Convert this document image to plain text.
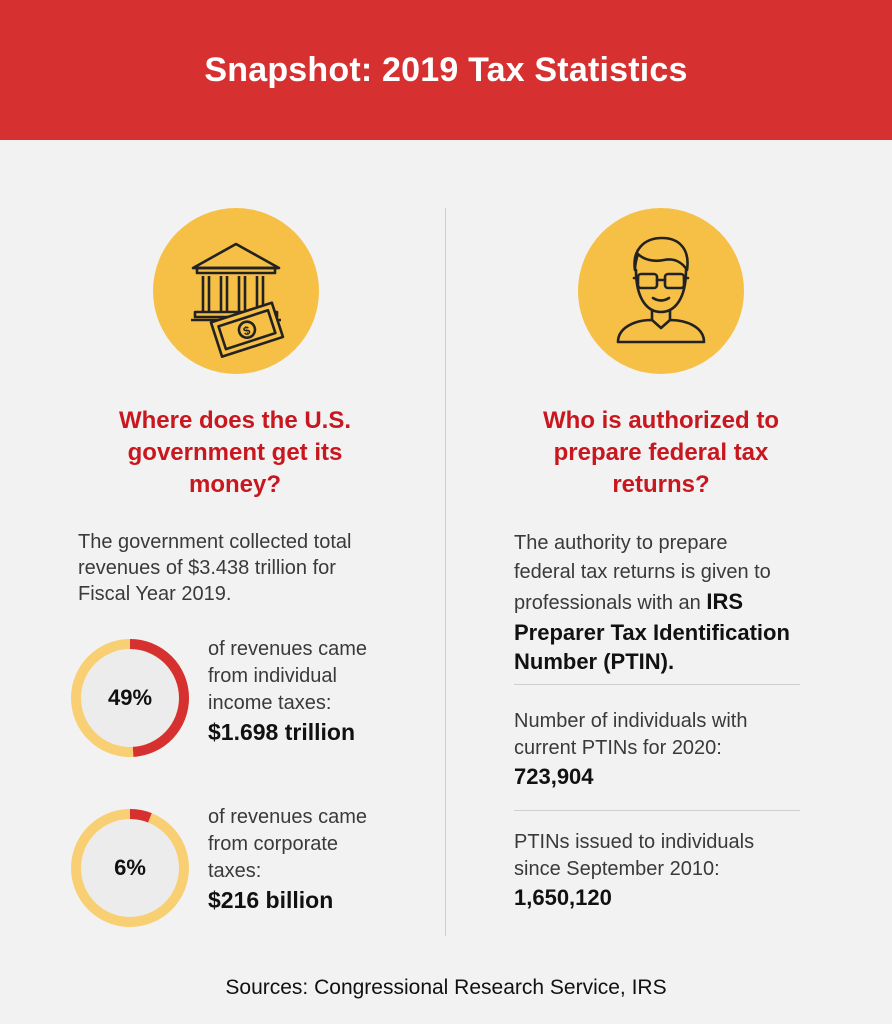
Snapshot: 2019 Tax Statistics
$
Where does the U.S.
government get its
money?
The government collected total
revenues of $3.438 trillion for
Fiscal Year 2019.
49%
of revenues came
from individual
income taxes:
$1.698 trillion
6%
of revenues came
from corporate
taxes:
$216 billion
Who is authorized to
prepare federal tax
returns?
The authority to prepare
federal tax returns is given to
professionals with an IRS
Preparer Tax Identification
Number (PTIN).
Number of individuals with
current PTINs for 2020:
723,904
PTINs issued to individuals
since September 2010:
1,650,120
Sources: Congressional Research Service, IRS
